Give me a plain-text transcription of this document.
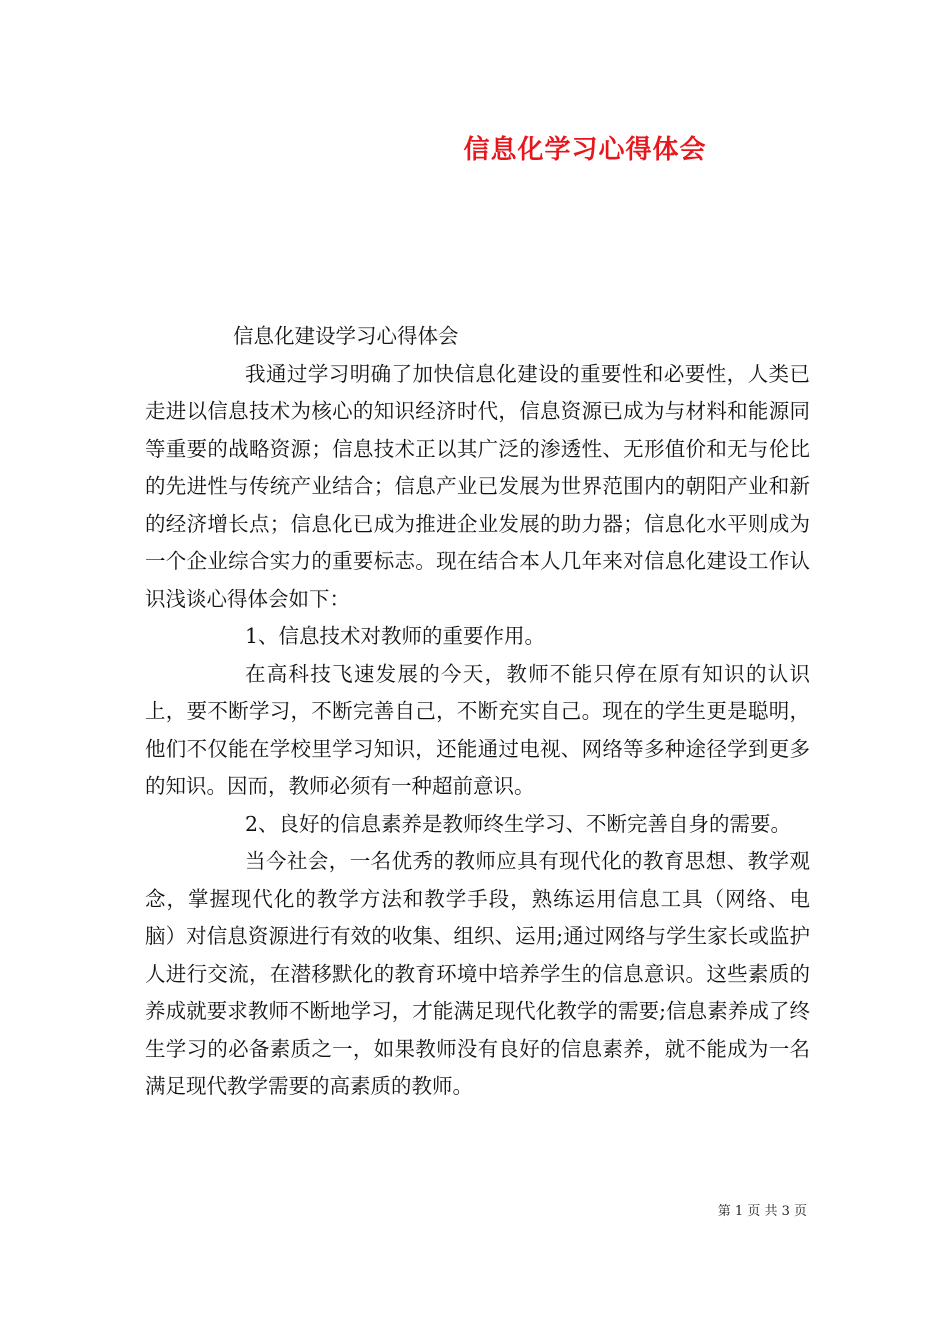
信息化学习心得体会

信息化建设学习心得体会

我通过学习明确了加快信息化建设的重要性和必要性，人类已走进以信息技术为核心的知识经济时代，信息资源已成为与材料和能源同等重要的战略资源；信息技术正以其广泛的渗透性、无形值价和无与伦比的先进性与传统产业结合；信息产业已发展为世界范围内的朝阳产业和新的经济增长点；信息化已成为推进企业发展的助力器；信息化水平则成为一个企业综合实力的重要标志。现在结合本人几年来对信息化建设工作认识浅谈心得体会如下：

1、信息技术对教师的重要作用。

在高科技飞速发展的今天，教师不能只停在原有知识的认识上，要不断学习，不断完善自己，不断充实自己。现在的学生更是聪明，他们不仅能在学校里学习知识，还能通过电视、网络等多种途径学到更多的知识。因而，教师必须有一种超前意识。

2、良好的信息素养是教师终生学习、不断完善自身的需要。

当今社会，一名优秀的教师应具有现代化的教育思想、教学观念，掌握现代化的教学方法和教学手段，熟练运用信息工具（网络、电脑）对信息资源进行有效的收集、组织、运用;通过网络与学生家长或监护人进行交流，在潜移默化的教育环境中培养学生的信息意识。这些素质的养成就要求教师不断地学习，才能满足现代化教学的需要;信息素养成了终生学习的必备素质之一，如果教师没有良好的信息素养，就不能成为一名满足现代教学需要的高素质的教师。

第 1 页 共 3 页
